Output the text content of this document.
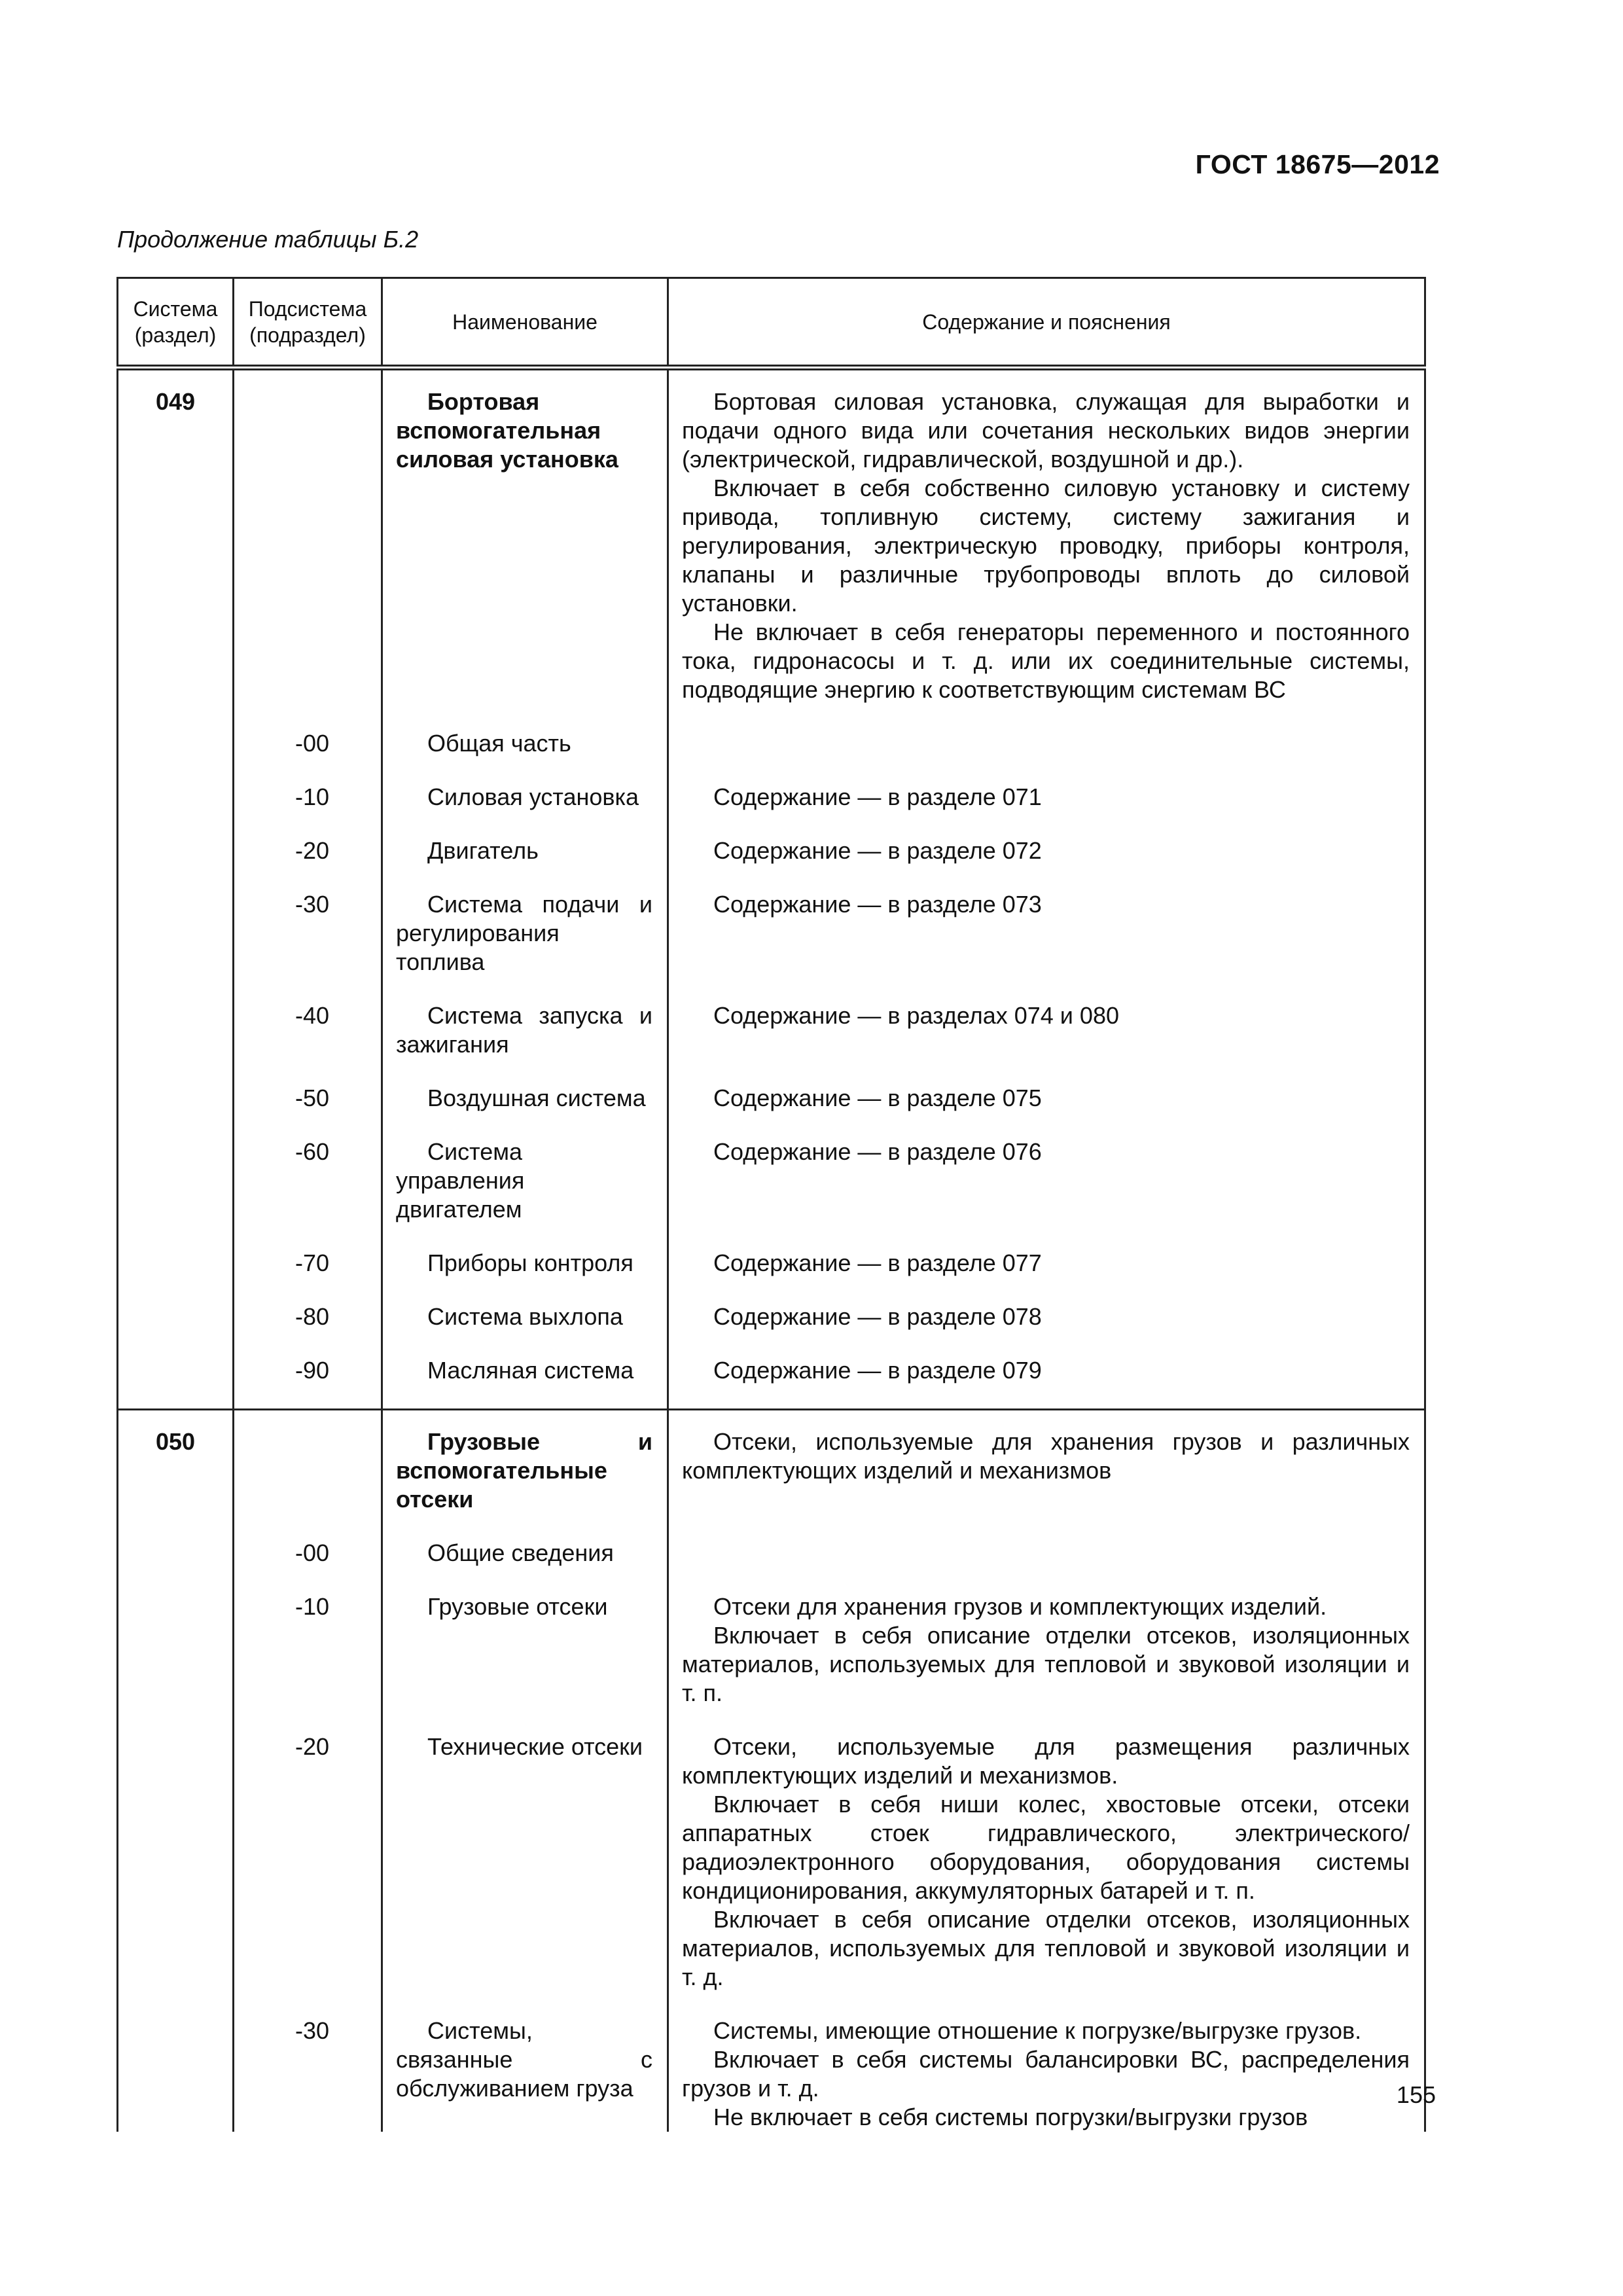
ГОСТ 18675—2012
Продолжение таблицы Б.2
Система (раздел)	Подсистема (подраздел)	Наименование	Содержание и пояснения
049		Бортовая вспомогательная силовая установка	Бортовая силовая установка, служащая для выработки и подачи одного вида или сочетания нескольких видов энергии (электрической, гидравлической, воздушной и др.).

Включает в себя собственно силовую установку и систему привода, топливную систему, систему зажигания и регулирования, электрическую проводку, приборы контроля, клапаны и различные трубопроводы вплоть до силовой установки.

Не включает в себя генераторы переменного и постоянного тока, гидронасосы и т. д. или их соединительные системы, подводящие энергию к соответствующим системам ВС

	-00	Общая часть	

	-10	Силовая установка	Содержание — в разделе 071

	-20	Двигатель	Содержание — в разделе 072

	-30	Система подачи и регулирования топлива	Содержание — в разделе 073

	-40	Система запуска и зажигания	Содержание — в разделах 074 и 080

	-50	Воздушная система	Содержание — в разделе 075

	-60	Система управления двигателем	Содержание — в разделе 076

	-70	Приборы контроля	Содержание — в разделе 077

	-80	Система выхлопа	Содержание — в разделе 078

	-90	Масляная система	Содержание — в разделе 079

050		Грузовые и вспомогательные отсеки	Отсеки, используемые для хранения грузов и различных комплектующих изделий и механизмов

	-00	Общие сведения	

	-10	Грузовые отсеки	Отсеки для хранения грузов и комплектующих изделий.

Включает в себя описание отделки отсеков, изоляционных материалов, используемых для тепловой и звуковой изоляции и т. п.

	-20	Технические отсеки	Отсеки, используемые для размещения различных комплектующих изделий и механизмов.

Включает в себя ниши колес, хвостовые отсеки, отсеки аппаратных стоек гидравлического, электрического/ радиоэлектронного оборудования, оборудования системы кондиционирования, аккумуляторных батарей и т. п.

Включает в себя описание отделки отсеков, изоляционных материалов, используемых для тепловой и звуковой изоляции и т. д.

	-30	Системы, связанные с обслуживанием груза	Системы, имеющие отношение к погрузке/выгрузке грузов.

Включает в себя системы балансировки ВС, распределения грузов и т. д.

Не включает в себя системы погрузки/выгрузки грузов

155
